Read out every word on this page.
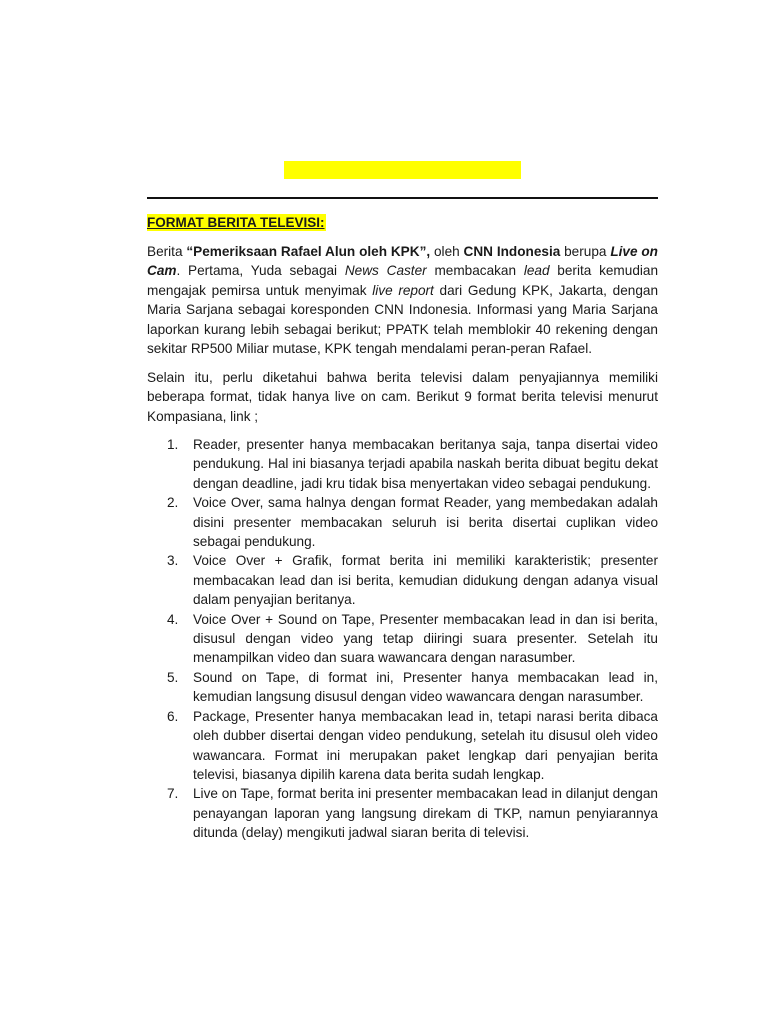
FORMAT BERITA TELEVISI:

Berita “Pemeriksaan Rafael Alun oleh KPK”, oleh CNN Indonesia berupa Live on Cam. Pertama, Yuda sebagai News Caster membacakan lead berita kemudian mengajak pemirsa untuk menyimak live report dari Gedung KPK, Jakarta, dengan Maria Sarjana sebagai koresponden CNN Indonesia. Informasi yang Maria Sarjana laporkan kurang lebih sebagai berikut; PPATK telah memblokir 40 rekening dengan sekitar RP500 Miliar mutase, KPK tengah mendalami peran-peran Rafael.

Selain itu, perlu diketahui bahwa berita televisi dalam penyajiannya memiliki beberapa format, tidak hanya live on cam. Berikut 9 format berita televisi menurut Kompasiana, link ;

1. Reader, presenter hanya membacakan beritanya saja, tanpa disertai video pendukung. Hal ini biasanya terjadi apabila naskah berita dibuat begitu dekat dengan deadline, jadi kru tidak bisa menyertakan video sebagai pendukung.
2. Voice Over, sama halnya dengan format Reader, yang membedakan adalah disini presenter membacakan seluruh isi berita disertai cuplikan video sebagai pendukung.
3. Voice Over + Grafik, format berita ini memiliki karakteristik; presenter membacakan lead dan isi berita, kemudian didukung dengan adanya visual dalam penyajian beritanya.
4. Voice Over + Sound on Tape, Presenter membacakan lead in dan isi berita, disusul dengan video yang tetap diiringi suara presenter. Setelah itu menampilkan video dan suara wawancara dengan narasumber.
5. Sound on Tape, di format ini, Presenter hanya membacakan lead in, kemudian langsung disusul dengan video wawancara dengan narasumber.
6. Package, Presenter hanya membacakan lead in, tetapi narasi berita dibaca oleh dubber disertai dengan video pendukung, setelah itu disusul oleh video wawancara. Format ini merupakan paket lengkap dari penyajian berita televisi, biasanya dipilih karena data berita sudah lengkap.
7. Live on Tape, format berita ini presenter membacakan lead in dilanjut dengan penayangan laporan yang langsung direkam di TKP, namun penyiarannya ditunda (delay) mengikuti jadwal siaran berita di televisi.
